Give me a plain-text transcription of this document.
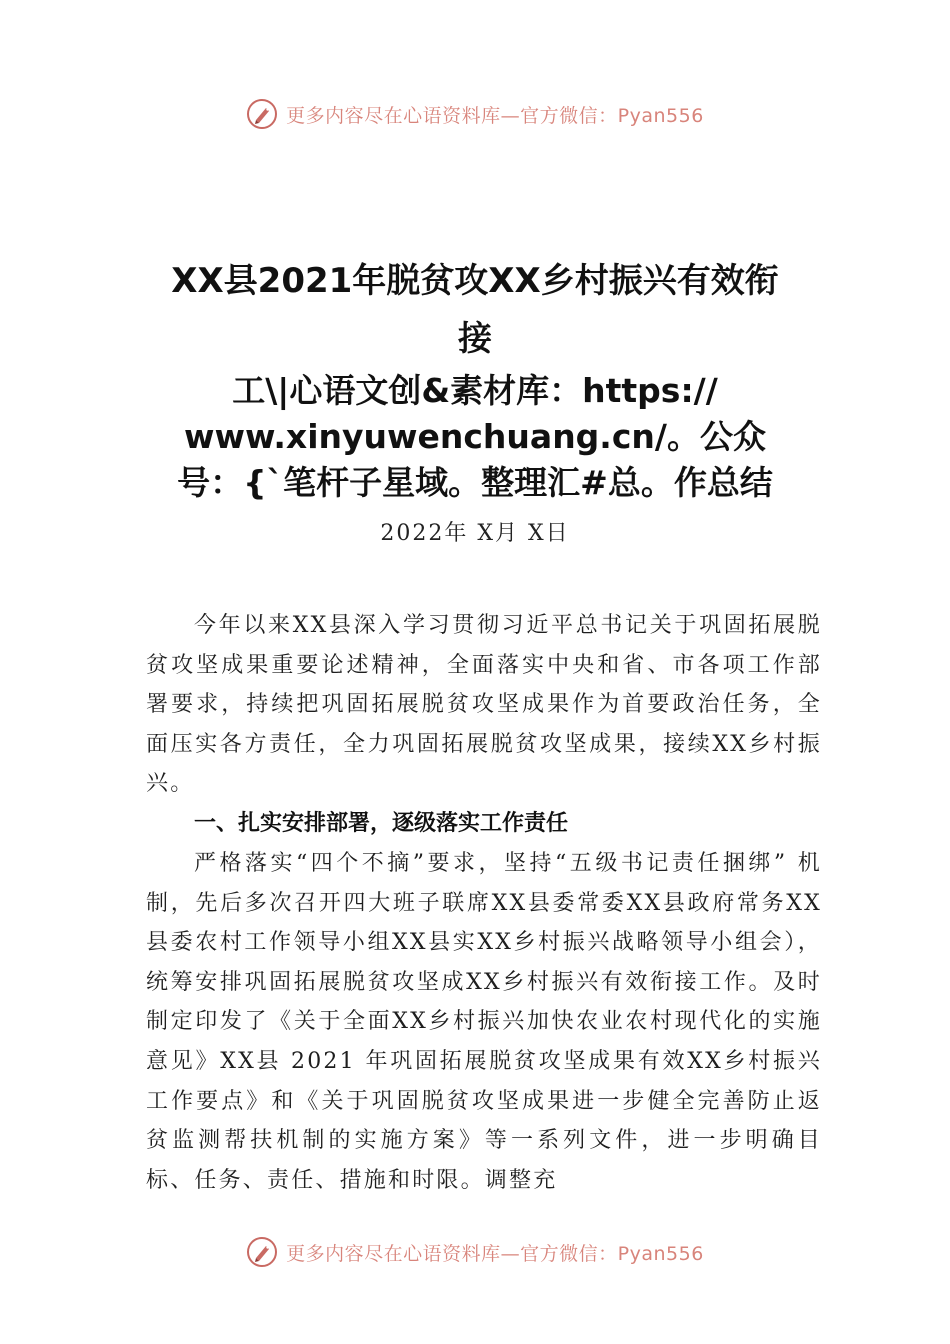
更多内容尽在心语资料库—官方微信：Pyan556
XX县2021年脱贫攻XX乡村振兴有效衔
接
工\|心语文创&素材库：https://
www.xinyuwenchuang.cn/。公众
号：{`笔杆子星域。整理汇#总。作总结
2022年 X月 X日

今年以来XX县深入学习贯彻习近平总书记关于巩固拓展脱贫攻坚成果重要论述精神，全面落实中央和省、市各项工作部署要求，持续把巩固拓展脱贫攻坚成果作为首要政治任务，全面压实各方责任，全力巩固拓展脱贫攻坚成果，接续XX乡村振兴。

一、扎实安排部署，逐级落实工作责任

严格落实“四个不摘”要求，坚持“五级书记责任捆绑” 机制，先后多次召开四大班子联席XX县委常委XX县政府常务XX县委农村工作领导小组XX县实XX乡村振兴战略领导小组会），统筹安排巩固拓展脱贫攻坚成XX乡村振兴有效衔接工作。及时制定印发了《关于全面XX乡村振兴加快农业农村现代化的实施意见》XX县 2021 年巩固拓展脱贫攻坚成果有效XX乡村振兴工作要点》和《关于巩固脱贫攻坚成果进一步健全完善防止返贫监测帮扶机制的实施方案》等一系列文件，进一步明确目标、任务、责任、措施和时限。调整充

更多内容尽在心语资料库—官方微信：Pyan556
